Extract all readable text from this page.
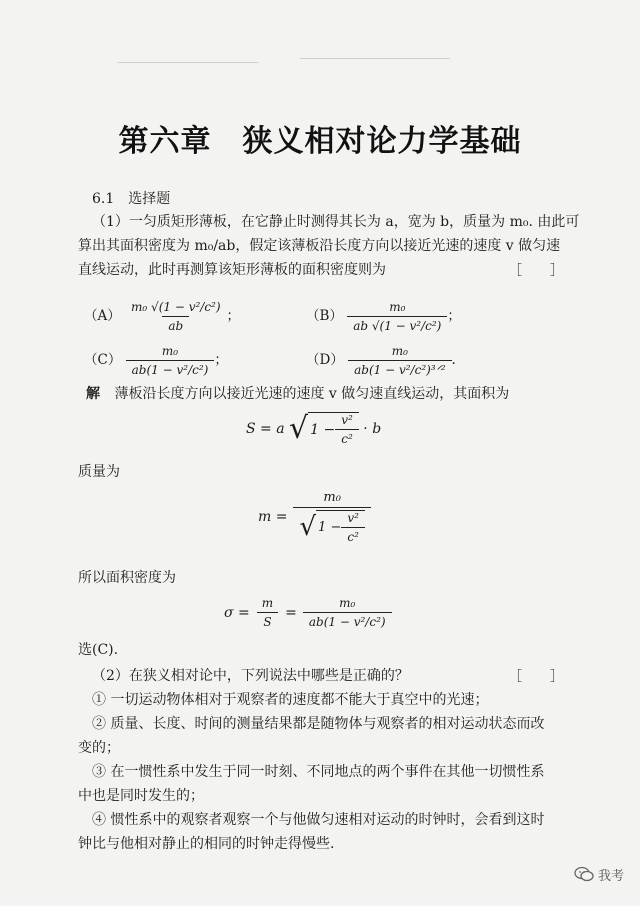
第六章　狭义相对论力学基础
6.1　选择题
（1）一匀质矩形薄板，在它静止时测得其长为 a，宽为 b，质量为 m₀. 由此可
算出其面积密度为 m₀/ab，假定该薄板沿长度方向以接近光速的速度 v 做匀速
直线运动，此时再测算该矩形薄板的面积密度则为	［　　］
$(A) \frac{\text{m₀ √(1 − v²/c²)}}{ab}$ ；	$(B) \frac{\text{m₀}}{\text{ab √(1 − v²/c²)}}$ ；
$(C) \frac{\text{m₀}}{\text{ab(1 − v²/c²)}}$ ；	$(D) \frac{\text{m₀}}{\text{ab(1 − v²/c²)³ᐟ²}}$ .
解 薄板沿长度方向以接近光速的速度 v 做匀速直线运动，其面积为
S = a √ $1 - \frac{\text{v²}}{\text{c²}} \cdot b$
质量为
m =
m₀
√ $1 - \frac{\text{v²}}{\text{c²}}$
所以面积密度为
$\sigma = \frac{m}{S} = \frac{\text{m₀}}{\text{ab(1 − v²/c²)}}$
选(C).
（2）在狭义相对论中，下列说法中哪些是正确的？	［　　］
① 一切运动物体相对于观察者的速度都不能大于真空中的光速；
② 质量、长度、时间的测量结果都是随物体与观察者的相对运动状态而改
变的；
③ 在一惯性系中发生于同一时刻、不同地点的两个事件在其他一切惯性系
中也是同时发生的；
④ 惯性系中的观察者观察一个与他做匀速相对运动的时钟时，会看到这时
钟比与他相对静止的相同的时钟走得慢些.
我考
